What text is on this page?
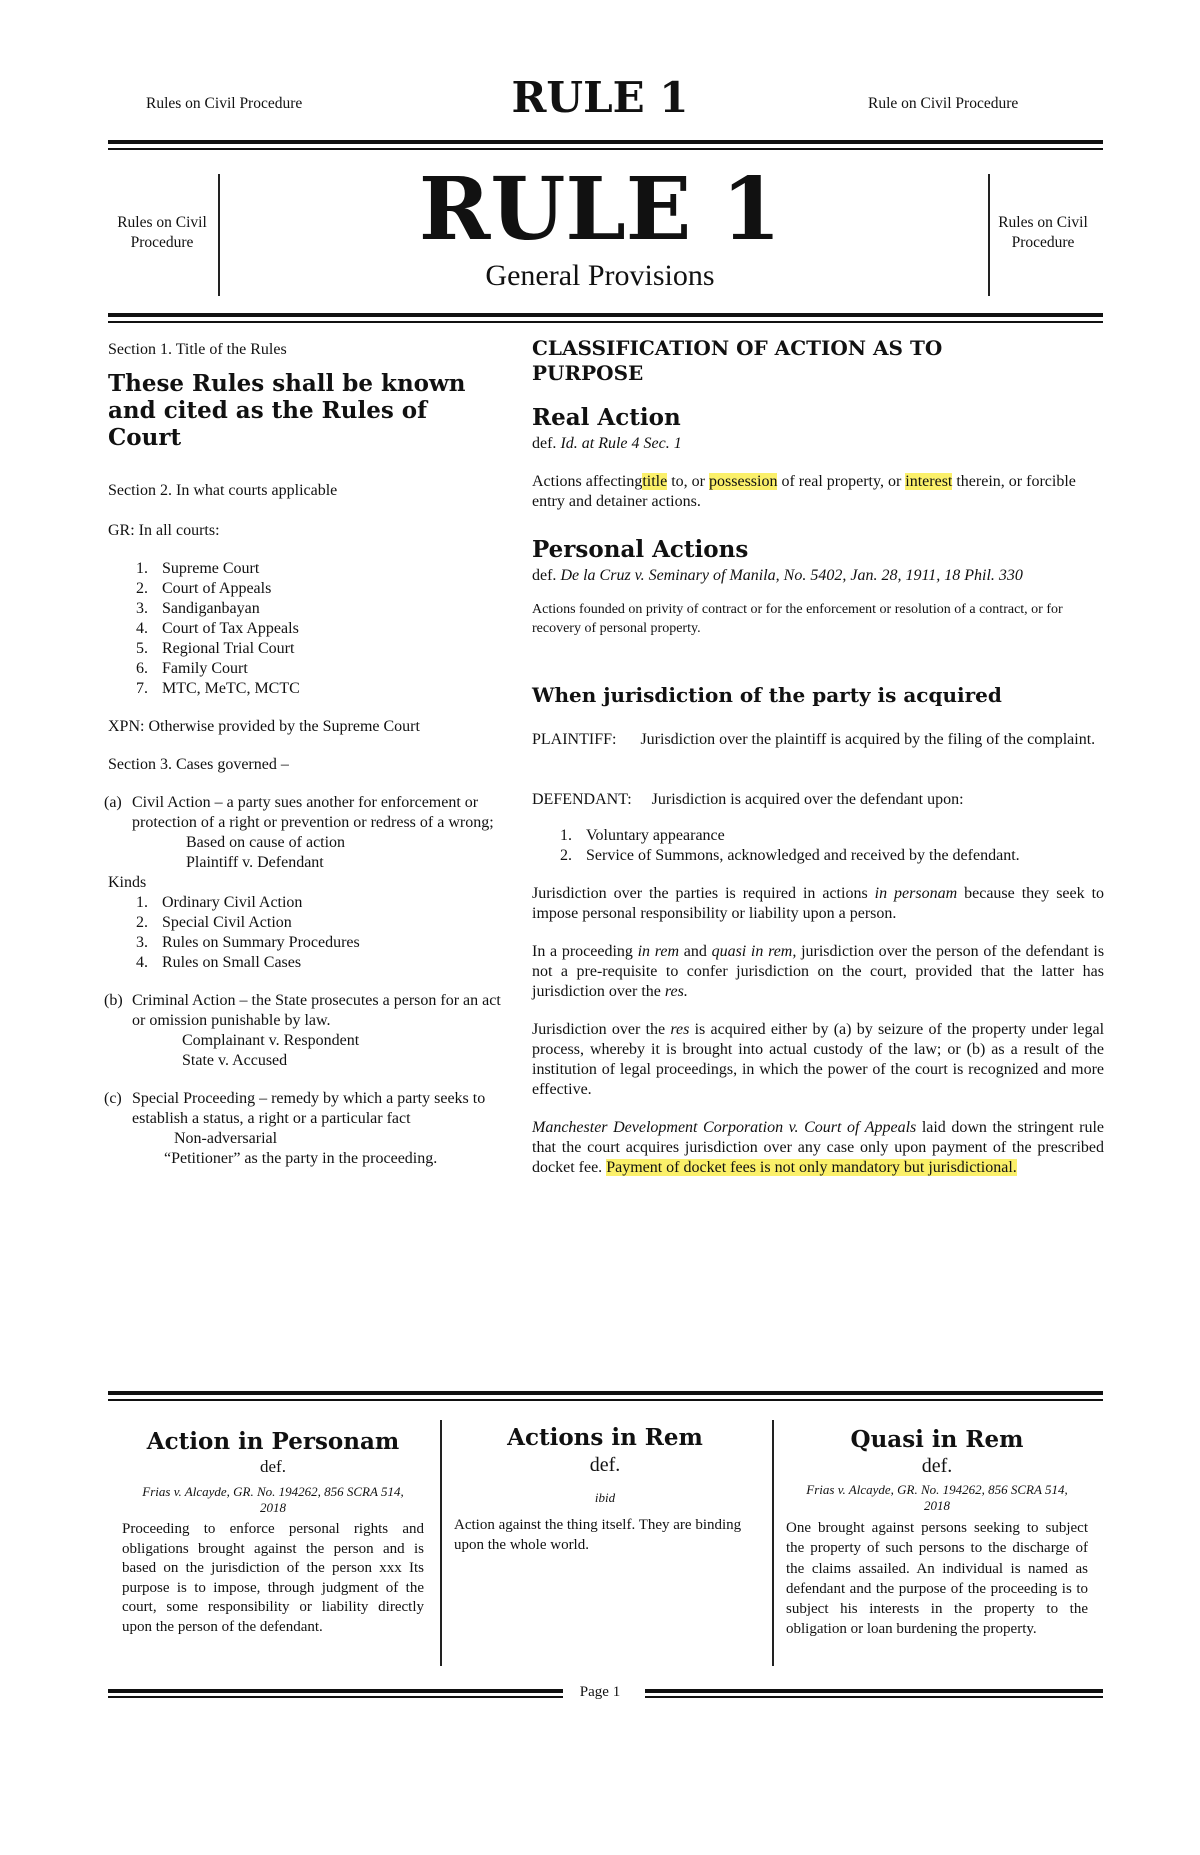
Rules on Civil Procedure	RULE 1	Rule on Civil Procedure
Rules on Civil Procedure	RULE 1
General Provisions
Rules on Civil Procedure
Section 1. Title of the Rules
These Rules shall be known and cited as the Rules of Court
Section 2. In what courts applicable
GR: In all courts:
1. Supreme Court
2. Court of Appeals
3. Sandiganbayan
4. Court of Tax Appeals
5. Regional Trial Court
6. Family Court
7. MTC, MeTC, MCTC
XPN: Otherwise provided by the Supreme Court
Section 3. Cases governed –
(a) Civil Action – a party sues another for enforcement or protection of a right or prevention or redress of a wrong;
Based on cause of action
Plaintiff v. Defendant
Kinds
1. Ordinary Civil Action
2. Special Civil Action
3. Rules on Summary Procedures
4. Rules on Small Cases
(b) Criminal Action – the State prosecutes a person for an act or omission punishable by law.
Complainant v. Respondent
State v. Accused
(c) Special Proceeding – remedy by which a party seeks to establish a status, a right or a particular fact
Non-adversarial
“Petitioner” as the party in the proceeding.
CLASSIFICATION OF ACTION AS TO PURPOSE
Real Action
def. Id. at Rule 4 Sec. 1
Actions affectingtitle to, or possession of real property, or interest therein, or forcible entry and detainer actions.
Personal Actions
def. De la Cruz v. Seminary of Manila, No. 5402, Jan. 28, 1911, 18 Phil. 330
Actions founded on privity of contract or for the enforcement or resolution of a contract, or for recovery of personal property.
When jurisdiction of the party is acquired
PLAINTIFF: Jurisdiction over the plaintiff is acquired by the filing of the complaint.
DEFENDANT: Jurisdiction is acquired over the defendant upon:
1. Voluntary appearance
2. Service of Summons, acknowledged and received by the defendant.
Jurisdiction over the parties is required in actions in personam because they seek to impose personal responsibility or liability upon a person.
In a proceeding in rem and quasi in rem, jurisdiction over the person of the defendant is not a pre-requisite to confer jurisdiction on the court, provided that the latter has jurisdiction over the res.
Jurisdiction over the res is acquired either by (a) by seizure of the property under legal process, whereby it is brought into actual custody of the law; or (b) as a result of the institution of legal proceedings, in which the power of the court is recognized and more effective.
Manchester Development Corporation v. Court of Appeals laid down the stringent rule that the court acquires jurisdiction over any case only upon payment of the prescribed docket fee. Payment of docket fees is not only mandatory but jurisdictional.
Action in Personam
def.
Frias v. Alcayde, GR. No. 194262, 856 SCRA 514, 2018
Proceeding to enforce personal rights and obligations brought against the person and is based on the jurisdiction of the person xxx Its purpose is to impose, through judgment of the court, some responsibility or liability directly upon the person of the defendant.
Actions in Rem
def.
ibid
Action against the thing itself. They are binding upon the whole world.
Quasi in Rem
def.
Frias v. Alcayde, GR. No. 194262, 856 SCRA 514, 2018
One brought against persons seeking to subject the property of such persons to the discharge of the claims assailed. An individual is named as defendant and the purpose of the proceeding is to subject his interests in the property to the obligation or loan burdening the property.
Page 1
